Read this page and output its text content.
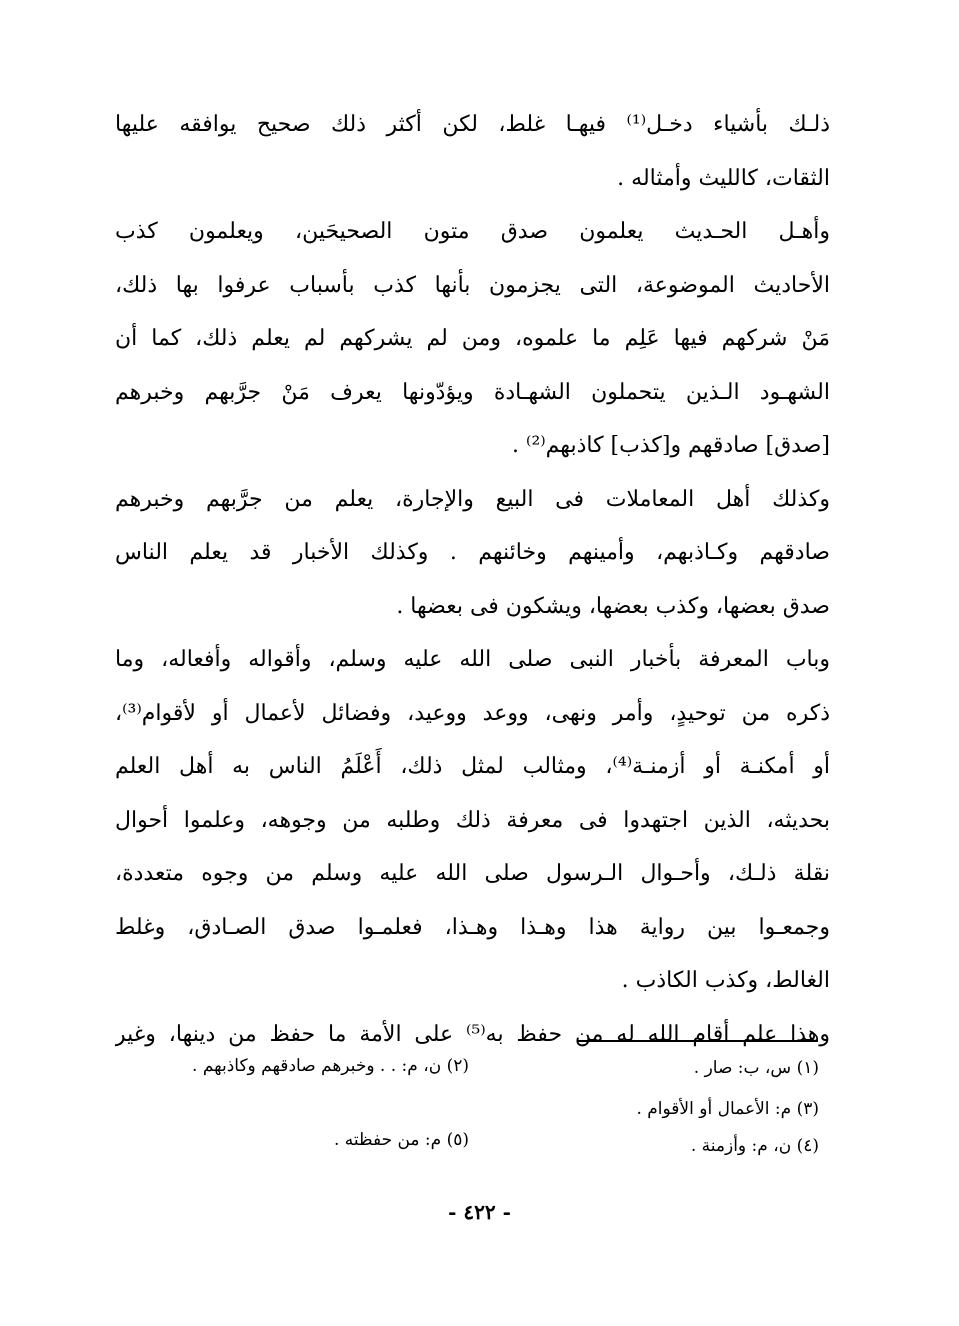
ذلـك بأشياء دخـل⁽¹⁾ فيهـا غلط، لكن أكثر ذلك صحيح يوافقه عليها
الثقات، كالليث وأمثاله .
وأهـل الحـديث يعلمون صدق متون الصحيحَين، ويعلمون كذب
الأحاديث الموضوعة، التى يجزمون بأنها كذب بأسباب عرفوا بها ذلك،
مَنْ شركهم فيها عَلِم ما علموه، ومن لم يشركهم لم يعلم ذلك، كما أن
الشهـود الـذين يتحملون الشهـادة ويؤدّونها يعرف مَنْ جرَّبهم وخبرهم
[صدق] صادقهم و[كذب] كاذبهم⁽²⁾ .
وكذلك أهل المعاملات فى البيع والإجارة، يعلم من جرَّبهم وخبرهم
صادقهم وكـاذبهم، وأمينهم وخائنهم . وكذلك الأخبار قد يعلم الناس
صدق بعضها، وكذب بعضها، ويشكون فى بعضها .
وباب المعرفة بأخبار النبى صلى الله عليه وسلم، وأقواله وأفعاله، وما
ذكره من توحيدٍ، وأمر ونهى، ووعد ووعيد، وفضائل لأعمال أو لأقوام⁽³⁾،
أو أمكنـة أو أزمنـة⁽⁴⁾، ومثالب لمثل ذلك، أَعْلَمُ الناس به أهل العلم
بحديثه، الذين اجتهدوا فى معرفة ذلك وطلبه من وجوهه، وعلموا أحوال
نقلة ذلـك، وأحـوال الـرسول صلى الله عليه وسلم من وجوه متعددة،
وجمعـوا بين رواية هذا وهـذا وهـذا، فعلمـوا صدق الصـادق، وغلط
الغالط، وكذب الكاذب .
وهذا علم أقام الله له من حفظ به⁽⁵⁾ على الأمة ما حفظ من دينها، وغير
(١) س، ب: صار .
(٢) ن، م: . . وخبرهم صادقهم وكاذبهم .
(٣) م: الأعمال أو الأقوام .
(٤) ن، م: وأزمنة .
(٥) م: من حفظته .
- ٤٢٢ -
